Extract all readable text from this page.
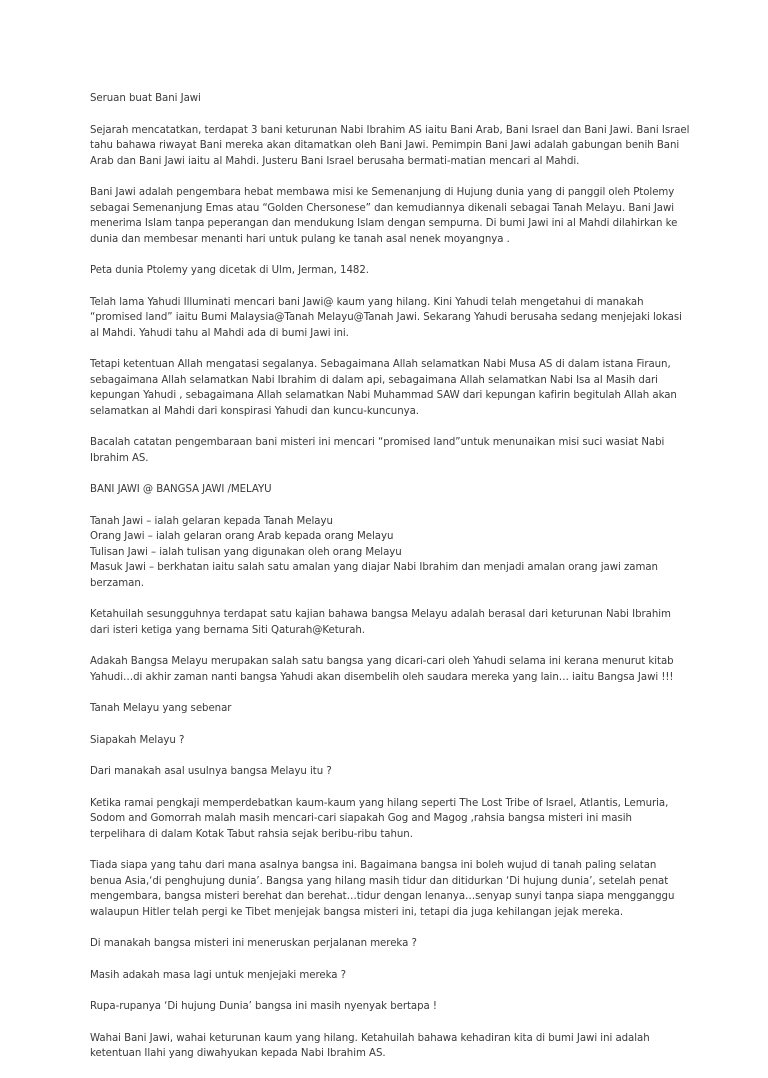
Seruan buat Bani Jawi

Sejarah mencatatkan, terdapat 3 bani keturunan Nabi Ibrahim AS iaitu Bani Arab, Bani Israel dan Bani Jawi. Bani Israel tahu bahawa riwayat Bani mereka akan ditamatkan oleh Bani Jawi. Pemimpin Bani Jawi adalah gabungan benih Bani Arab dan Bani Jawi iaitu al Mahdi. Justeru Bani Israel berusaha bermati-matian mencari al Mahdi.

Bani Jawi adalah pengembara hebat membawa misi ke Semenanjung di Hujung dunia yang di panggil oleh Ptolemy sebagai Semenanjung Emas atau “Golden Chersonese” dan kemudiannya dikenali sebagai Tanah Melayu. Bani Jawi menerima Islam tanpa peperangan dan mendukung Islam dengan sempurna. Di bumi Jawi ini al Mahdi dilahirkan ke dunia dan membesar menanti hari untuk pulang ke tanah asal nenek moyangnya .

Peta dunia Ptolemy yang dicetak di Ulm, Jerman, 1482.

Telah lama Yahudi Illuminati mencari bani Jawi@ kaum yang hilang. Kini Yahudi telah mengetahui di manakah “promised land” iaitu Bumi Malaysia@Tanah Melayu@Tanah Jawi. Sekarang Yahudi berusaha sedang menjejaki lokasi al Mahdi. Yahudi tahu al Mahdi ada di bumi Jawi ini.

Tetapi ketentuan Allah mengatasi segalanya. Sebagaimana Allah selamatkan Nabi Musa AS di dalam istana Firaun, sebagaimana Allah selamatkan Nabi Ibrahim di dalam api, sebagaimana Allah selamatkan Nabi Isa al Masih dari kepungan Yahudi , sebagaimana Allah selamatkan Nabi Muhammad SAW dari kepungan kafirin begitulah Allah akan selamatkan al Mahdi dari konspirasi Yahudi dan kuncu-kuncunya.

Bacalah catatan pengembaraan bani misteri ini mencari “promised land”untuk menunaikan misi suci wasiat Nabi Ibrahim AS.

BANI JAWI @ BANGSA JAWI /MELAYU

Tanah Jawi – ialah gelaran kepada Tanah Melayu

Orang Jawi – ialah gelaran orang Arab kepada orang Melayu

Tulisan Jawi – ialah tulisan yang digunakan oleh orang Melayu

Masuk Jawi – berkhatan iaitu salah satu amalan yang diajar Nabi Ibrahim dan menjadi amalan orang jawi zaman berzaman.

Ketahuilah sesungguhnya terdapat satu kajian bahawa bangsa Melayu adalah berasal dari keturunan Nabi Ibrahim dari isteri ketiga yang bernama Siti Qaturah@Keturah.

Adakah Bangsa Melayu merupakan salah satu bangsa yang dicari-cari oleh Yahudi selama ini kerana menurut kitab Yahudi…di akhir zaman nanti bangsa Yahudi akan disembelih oleh saudara mereka yang lain… iaitu Bangsa Jawi !!!

Tanah Melayu yang sebenar

Siapakah Melayu ?

Dari manakah asal usulnya bangsa Melayu itu ?

Ketika ramai pengkaji memperdebatkan kaum-kaum yang hilang seperti The Lost Tribe of Israel, Atlantis, Lemuria, Sodom and Gomorrah malah masih mencari-cari siapakah Gog and Magog ,rahsia bangsa misteri ini masih terpelihara di dalam Kotak Tabut rahsia sejak beribu-ribu tahun.

Tiada siapa yang tahu dari mana asalnya bangsa ini. Bagaimana bangsa ini boleh wujud di tanah paling selatan benua Asia,‘di penghujung dunia’. Bangsa yang hilang masih tidur dan ditidurkan ‘Di hujung dunia’, setelah penat mengembara, bangsa misteri berehat dan berehat…tidur dengan lenanya…senyap sunyi tanpa siapa mengganggu walaupun Hitler telah pergi ke Tibet menjejak bangsa misteri ini, tetapi dia juga kehilangan jejak mereka.

Di manakah bangsa misteri ini meneruskan perjalanan mereka ?

Masih adakah masa lagi untuk menjejaki mereka ?

Rupa-rupanya ‘Di hujung Dunia’ bangsa ini masih nyenyak bertapa !

Wahai Bani Jawi, wahai keturunan kaum yang hilang. Ketahuilah bahawa kehadiran kita di bumi Jawi ini adalah ketentuan Ilahi yang diwahyukan kepada Nabi Ibrahim AS.
